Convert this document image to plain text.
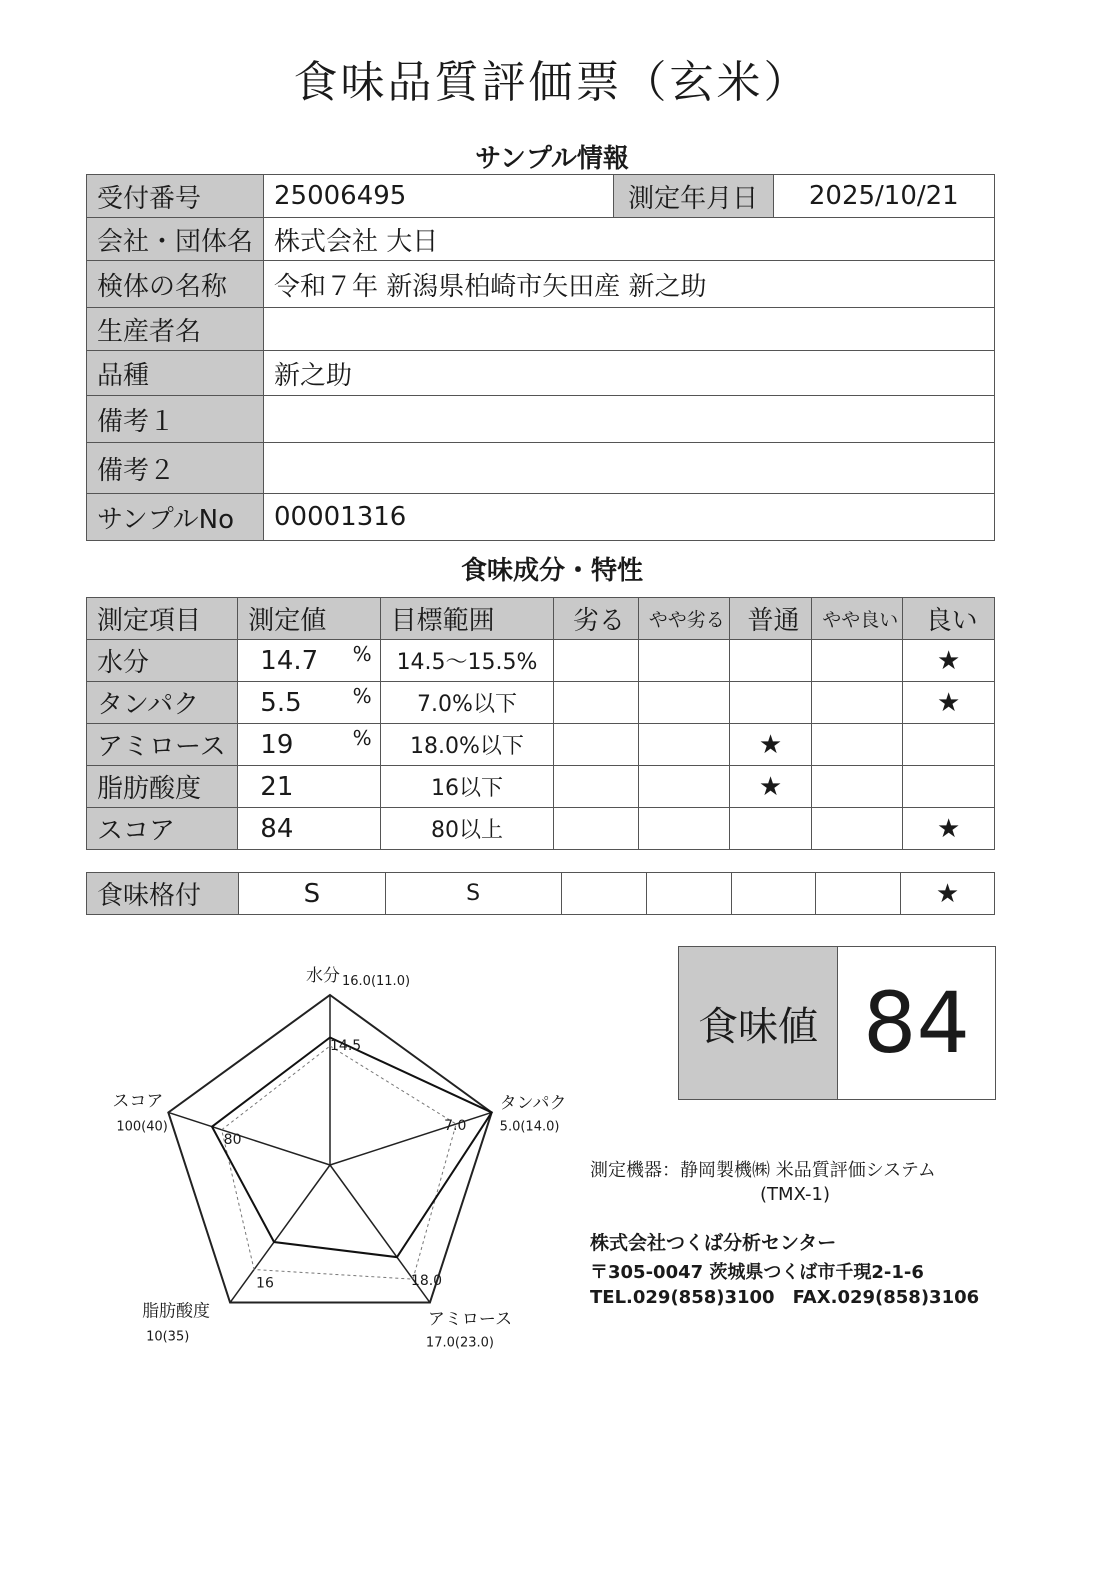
食味品質評価票（玄米）
サンプル情報
受付番号	25006495	測定年月日	2025/10/21
会社・団体名	株式会社 大日		
検体の名称	令和７年 新潟県柏崎市矢田産 新之助		
生産者名			
品種	新之助		
備考１			
備考２			
サンプルNo	00001316		
食味成分・特性
測定項目	測定値	目標範囲	劣る	やや劣る	普通	やや良い	良い
水分	14.7 %	14.5～15.5%					★
タンパク	5.5 %	7.0%以下					★
アミロース	19 %	18.0%以下			★		
脂肪酸度	21	16以下			★		
スコア	84	80以上					★
食味格付	S	S					★
水分 16.0(11.0)
14.5
タンパク
5.0(14.0)
7.0
アミロース
17.0(23.0)
18.0
脂肪酸度
10(35)
16
スコア
100(40)
80
食味値 84
測定機器：静岡製機㈱ 米品質評価システム
(TMX-1)
株式会社つくば分析センター
〒305-0047 茨城県つくば市千現2-1-6
TEL.029(858)3100　FAX.029(858)3106
